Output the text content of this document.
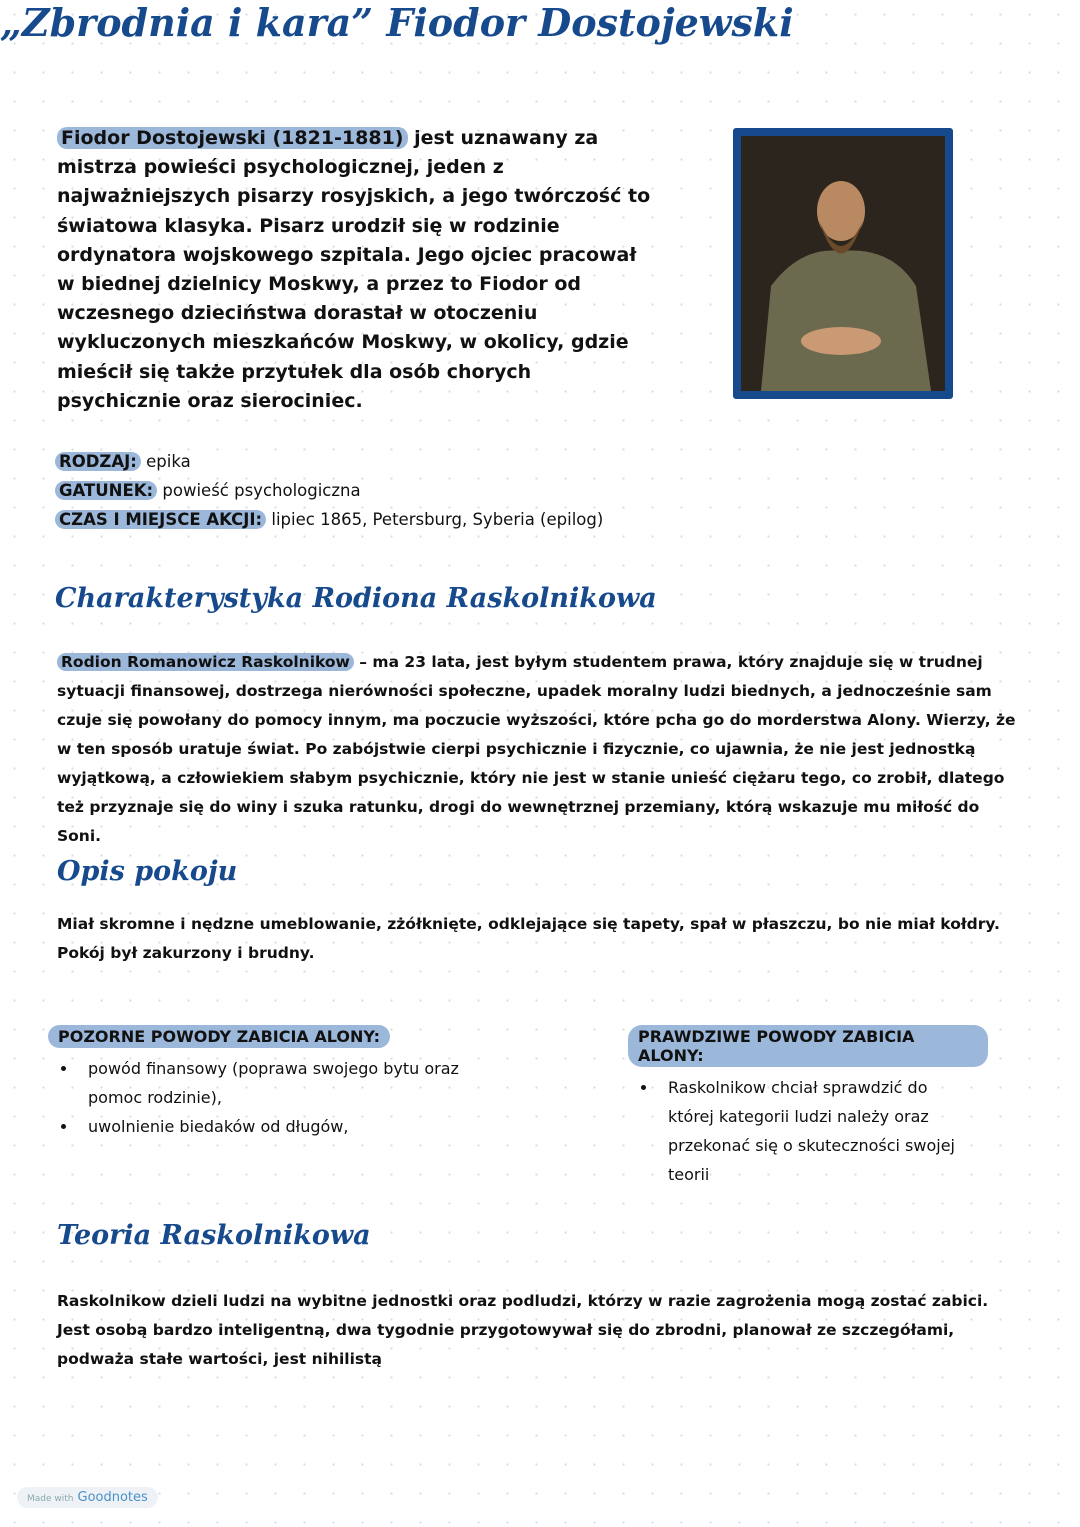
„Zbrodnia i kara” Fiodor Dostojewski
Fiodor Dostojewski (1821-1881) jest uznawany za mistrza powieści psychologicznej, jeden z najważniejszych pisarzy rosyjskich, a jego twórczość to światowa klasyka. Pisarz urodził się w rodzinie ordynatora wojskowego szpitala. Jego ojciec pracował w biednej dzielnicy Moskwy, a przez to Fiodor od wczesnego dzieciństwa dorastał w otoczeniu wykluczonych mieszkańców Moskwy, w okolicy, gdzie mieścił się także przytułek dla osób chorych psychicznie oraz sierociniec.
RODZAJ: epika
GATUNEK: powieść psychologiczna
CZAS I MIEJSCE AKCJI: lipiec 1865, Petersburg, Syberia (epilog)
Charakterystyka Rodiona Raskolnikowa
Rodion Romanowicz Raskolnikow – ma 23 lata, jest byłym studentem prawa, który znajduje się w trudnej sytuacji finansowej, dostrzega nierówności społeczne, upadek moralny ludzi biednych, a jednocześnie sam czuje się powołany do pomocy innym, ma poczucie wyższości, które pcha go do morderstwa Alony. Wierzy, że w ten sposób uratuje świat. Po zabójstwie cierpi psychicznie i fizycznie, co ujawnia, że nie jest jednostką wyjątkową, a człowiekiem słabym psychicznie, który nie jest w stanie unieść ciężaru tego, co zrobił, dlatego też przyznaje się do winy i szuka ratunku, drogi do wewnętrznej przemiany, którą wskazuje mu miłość do Soni.
Opis pokoju
Miał skromne i nędzne umeblowanie, zżółknięte, odklejające się tapety, spał w płaszczu, bo nie miał kołdry. Pokój był zakurzony i brudny.
POZORNE POWODY ZABICIA ALONY:
• powód finansowy (poprawa swojego bytu oraz pomoc rodzinie),
• uwolnienie biedaków od długów,
PRAWDZIWE POWODY ZABICIA ALONY:
• Raskolnikow chciał sprawdzić do której kategorii ludzi należy oraz przekonać się o skuteczności swojej teorii
Teoria Raskolnikowa
Raskolnikow dzieli ludzi na wybitne jednostki oraz podludzi, którzy w razie zagrożenia mogą zostać zabici.
Jest osobą bardzo inteligentną, dwa tygodnie przygotowywał się do zbrodni, planował ze szczegółami, podważa stałe wartości, jest nihilistą
Made with Goodnotes
